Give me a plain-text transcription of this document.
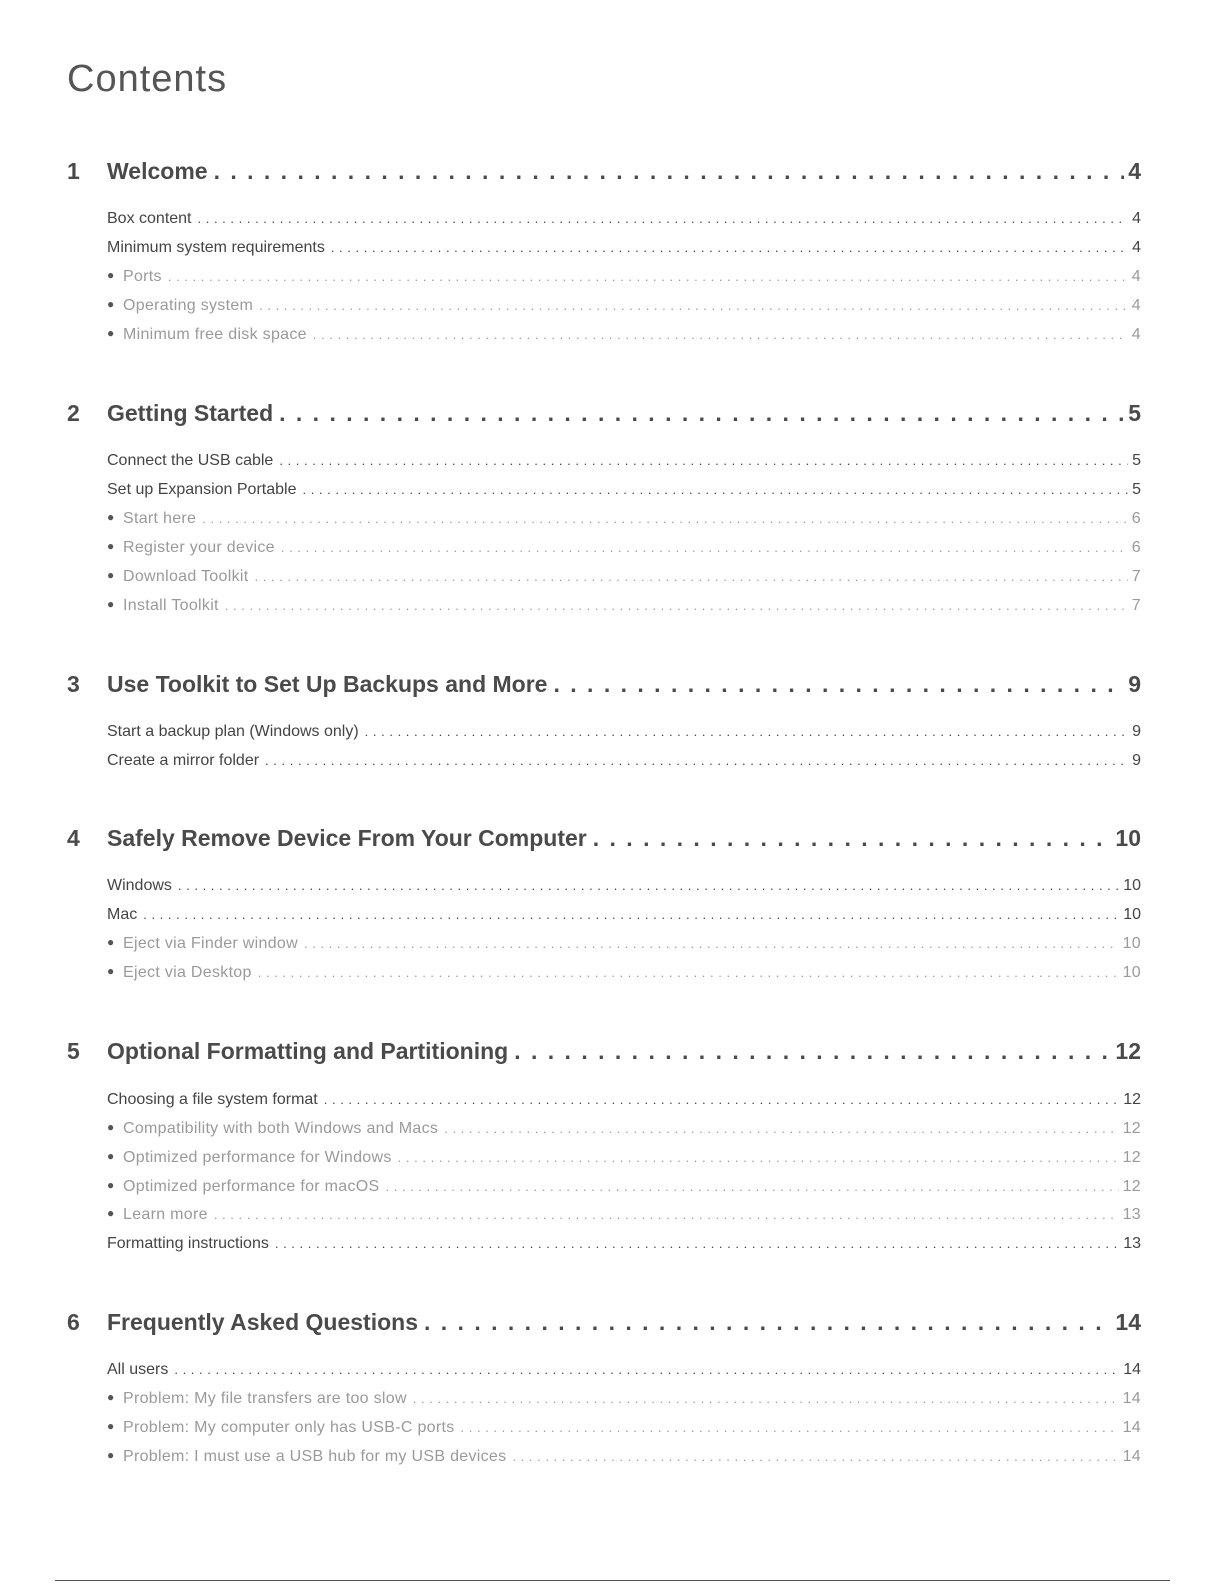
Contents
1	Welcome . . .	4
Box content . . .	4
Minimum system requirements . . .	4
● Ports . . .	4
● Operating system . . .	4
● Minimum free disk space . . .	4
2	Getting Started . . .	5
Connect the USB cable . . .	5
Set up Expansion Portable . . .	5
● Start here . . .	6
● Register your device . . .	6
● Download Toolkit . . .	7
● Install Toolkit . . .	7
3	Use Toolkit to Set Up Backups and More . . .	9
Start a backup plan (Windows only) . . .	9
Create a mirror folder . . .	9
4	Safely Remove Device From Your Computer . . .	10
Windows . . .	10
Mac . . .	10
● Eject via Finder window . . .	10
● Eject via Desktop . . .	10
5	Optional Formatting and Partitioning . . .	12
Choosing a file system format . . .	12
● Compatibility with both Windows and Macs . . .	12
● Optimized performance for Windows . . .	12
● Optimized performance for macOS . . .	12
● Learn more . . .	13
Formatting instructions . . .	13
6	Frequently Asked Questions . . .	14
All users . . .	14
● Problem: My file transfers are too slow . . .	14
● Problem: My computer only has USB-C ports . . .	14
● Problem: I must use a USB hub for my USB devices . . .	14
